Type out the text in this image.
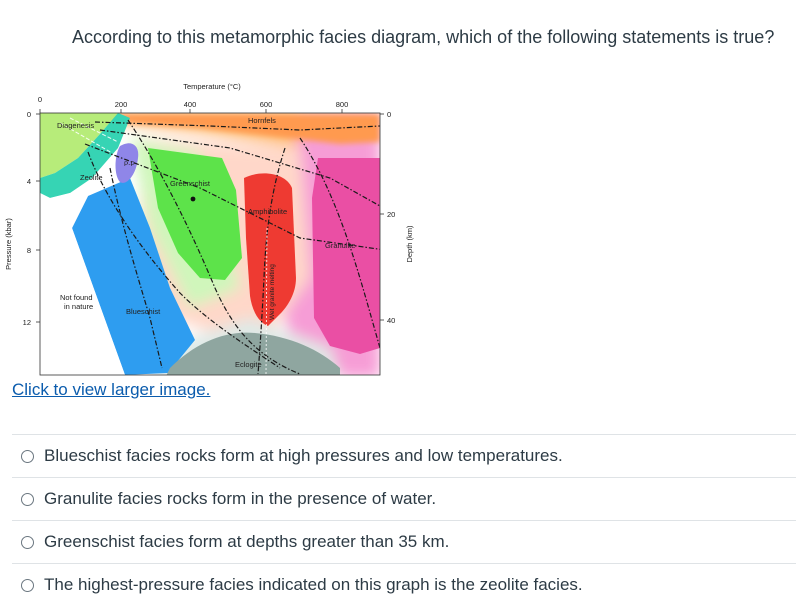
According to this metamorphic facies diagram, which of the following statements is true?
Temperature (°C)
0
200	400	600	800
0
4
8
12
Pressure (kbar)
0
20
40
Depth (km)
Diagenesis
Zeolite
P-P
Hornfels
Greenschist
Amphibolite
Granulite
Blueschist
Eclogite
Not found
in nature	Wet granite melting
Click to view larger image.
Blueschist facies rocks form at high pressures and low temperatures.
Granulite facies rocks form in the presence of water.
Greenschist facies form at depths greater than 35 km.
The highest-pressure facies indicated on this graph is the zeolite facies.
